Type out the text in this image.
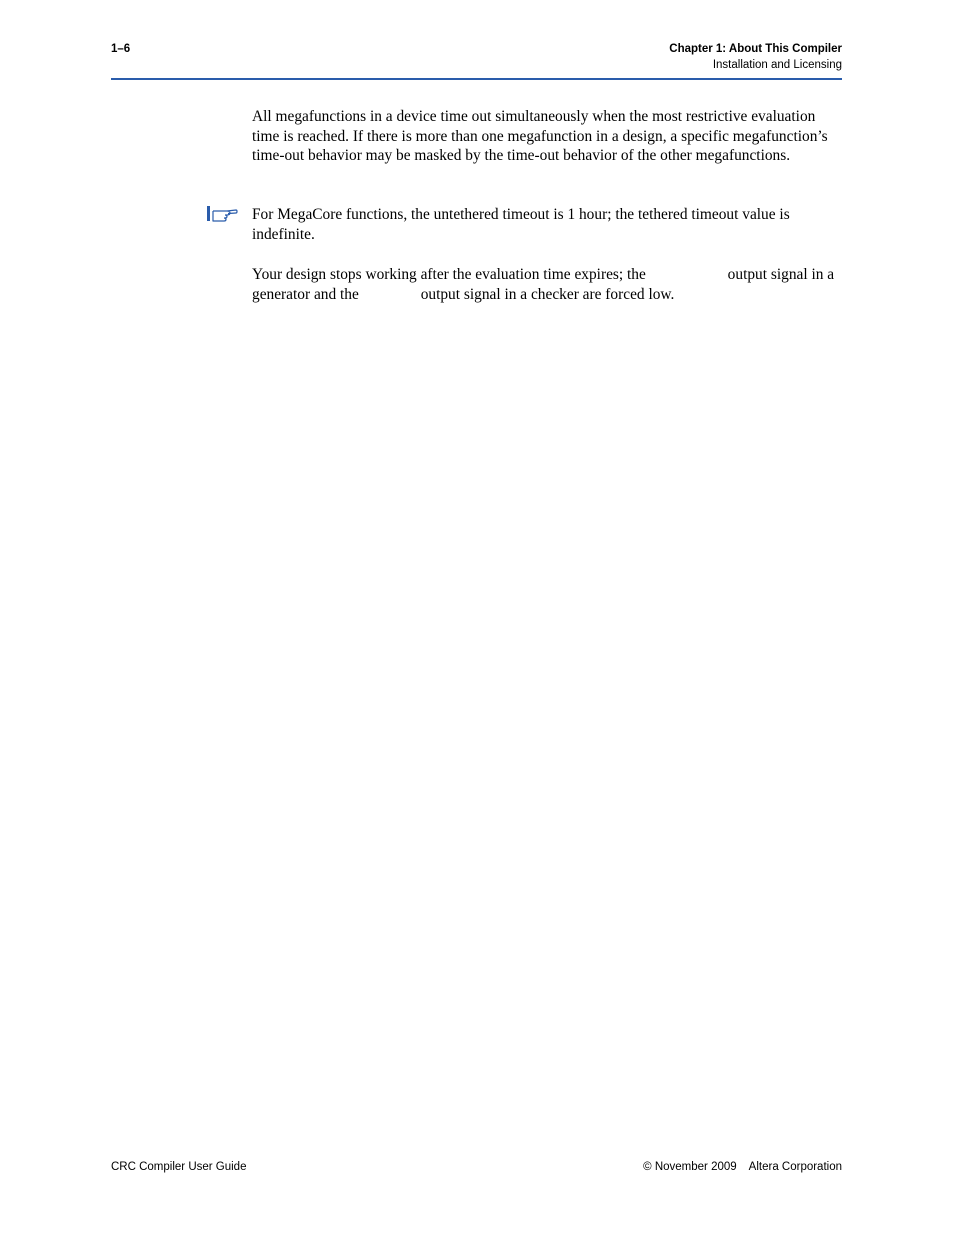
1–6	Chapter 1: About This Compiler
Installation and Licensing

All megafunctions in a device time out simultaneously when the most restrictive evaluation time is reached. If there is more than one megafunction in a design, a specific megafunction’s time-out behavior may be masked by the time-out behavior of the other megafunctions.

For MegaCore functions, the untethered timeout is 1 hour; the tethered timeout value is indefinite.

Your design stops working after the evaluation time expires; the	output signal in a generator and the	output signal in a checker are forced low.

CRC Compiler User Guide	© November 2009 Altera Corporation
